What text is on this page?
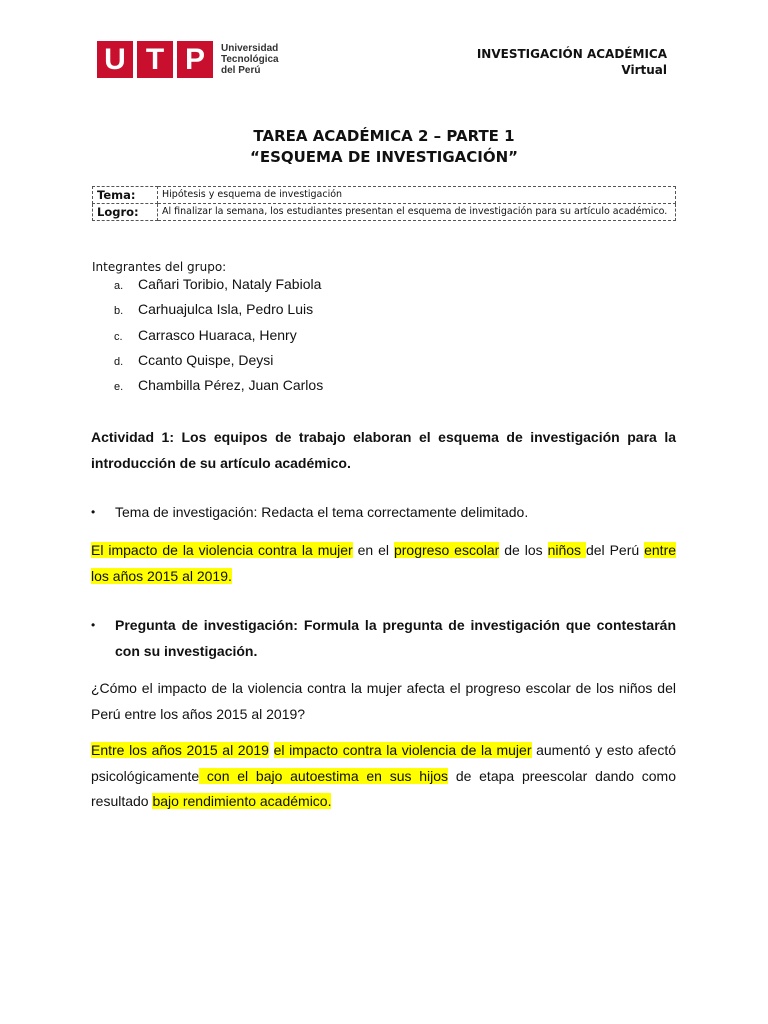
U T P	Universidad
Tecnológica
del Perú
INVESTIGACIÓN ACADÉMICA
Virtual
TAREA ACADÉMICA 2 – PARTE 1
“ESQUEMA DE INVESTIGACIÓN”
Tema:	Hipótesis y esquema de investigación
Logro:	Al finalizar la semana, los estudiantes presentan el esquema de investigación para su artículo académico.
Integrantes del grupo:
a. Cañari Toribio, Nataly Fabiola
b. Carhuajulca Isla, Pedro Luis
c. Carrasco Huaraca, Henry
d. Ccanto Quispe, Deysi
e. Chambilla Pérez, Juan Carlos
Actividad 1: Los equipos de trabajo elaboran el esquema de investigación para la introducción de su artículo académico.
•	Tema de investigación: Redacta el tema correctamente delimitado.
El impacto de la violencia contra la mujer en el progreso escolar de los niños del Perú entre los años 2015 al 2019.
•	Pregunta de investigación: Formula la pregunta de investigación que contestarán con su investigación.
¿Cómo el impacto de la violencia contra la mujer afecta el progreso escolar de los niños del Perú entre los años 2015 al 2019?
Entre los años 2015 al 2019 el impacto contra la violencia de la mujer aumentó y esto afectó psicológicamente con el bajo autoestima en sus hijos de etapa preescolar dando como resultado bajo rendimiento académico.
